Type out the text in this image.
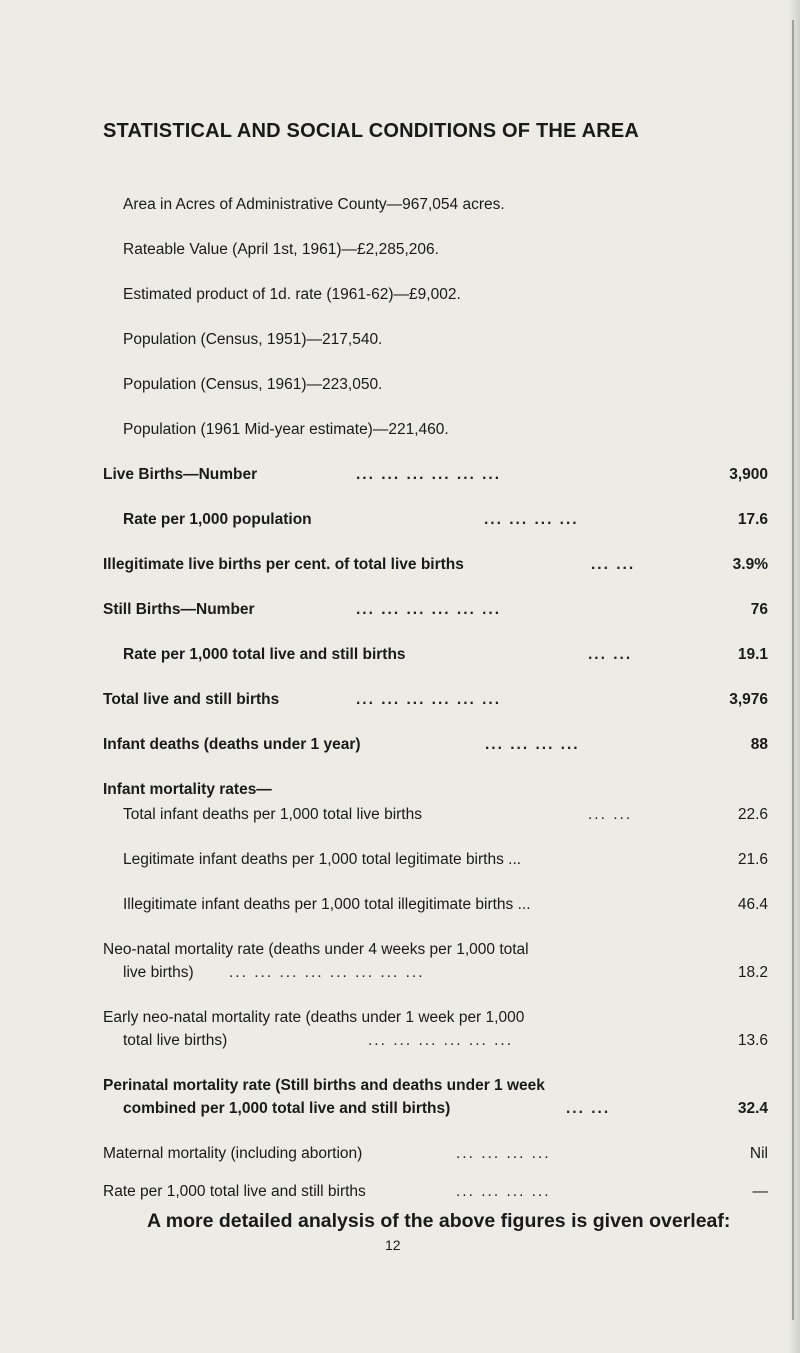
STATISTICAL AND SOCIAL CONDITIONS OF THE AREA
Area in Acres of Administrative County—967,054 acres.
Rateable Value (April 1st, 1961)—£2,285,206.
Estimated product of 1d. rate (1961-62)—£9,002.
Population (Census, 1951)—217,540.
Population (Census, 1961)—223,050.
Population (1961 Mid-year estimate)—221,460.
Live Births—Number	... ... ... ... ... ...	3,900
Rate per 1,000 population	... ... ... ...	17.6
Illegitimate live births per cent. of total live births	... ...	3.9%
Still Births—Number	... ... ... ... ... ...	76
Rate per 1,000 total live and still births	... ...	19.1
Total live and still births	... ... ... ... ... ...	3,976
Infant deaths (deaths under 1 year)	... ... ... ...	88
Infant mortality rates—
Total infant deaths per 1,000 total live births	... ...	22.6
Legitimate infant deaths per 1,000 total legitimate births ...	21.6
Illegitimate infant deaths per 1,000 total illegitimate births ...	46.4
Neo-natal mortality rate (deaths under 4 weeks per 1,000 total
live births) ... ... ... ... ... ... ... ...	18.2
Early neo-natal mortality rate (deaths under 1 week per 1,000
total live births)	... ... ... ... ... ...	13.6
Perinatal mortality rate (Still births and deaths under 1 week
combined per 1,000 total live and still births)	... ...	32.4
Maternal mortality (including abortion)	... ... ... ...	Nil
Rate per 1,000 total live and still births	... ... ... ...	—
A more detailed analysis of the above figures is given overleaf:
12
